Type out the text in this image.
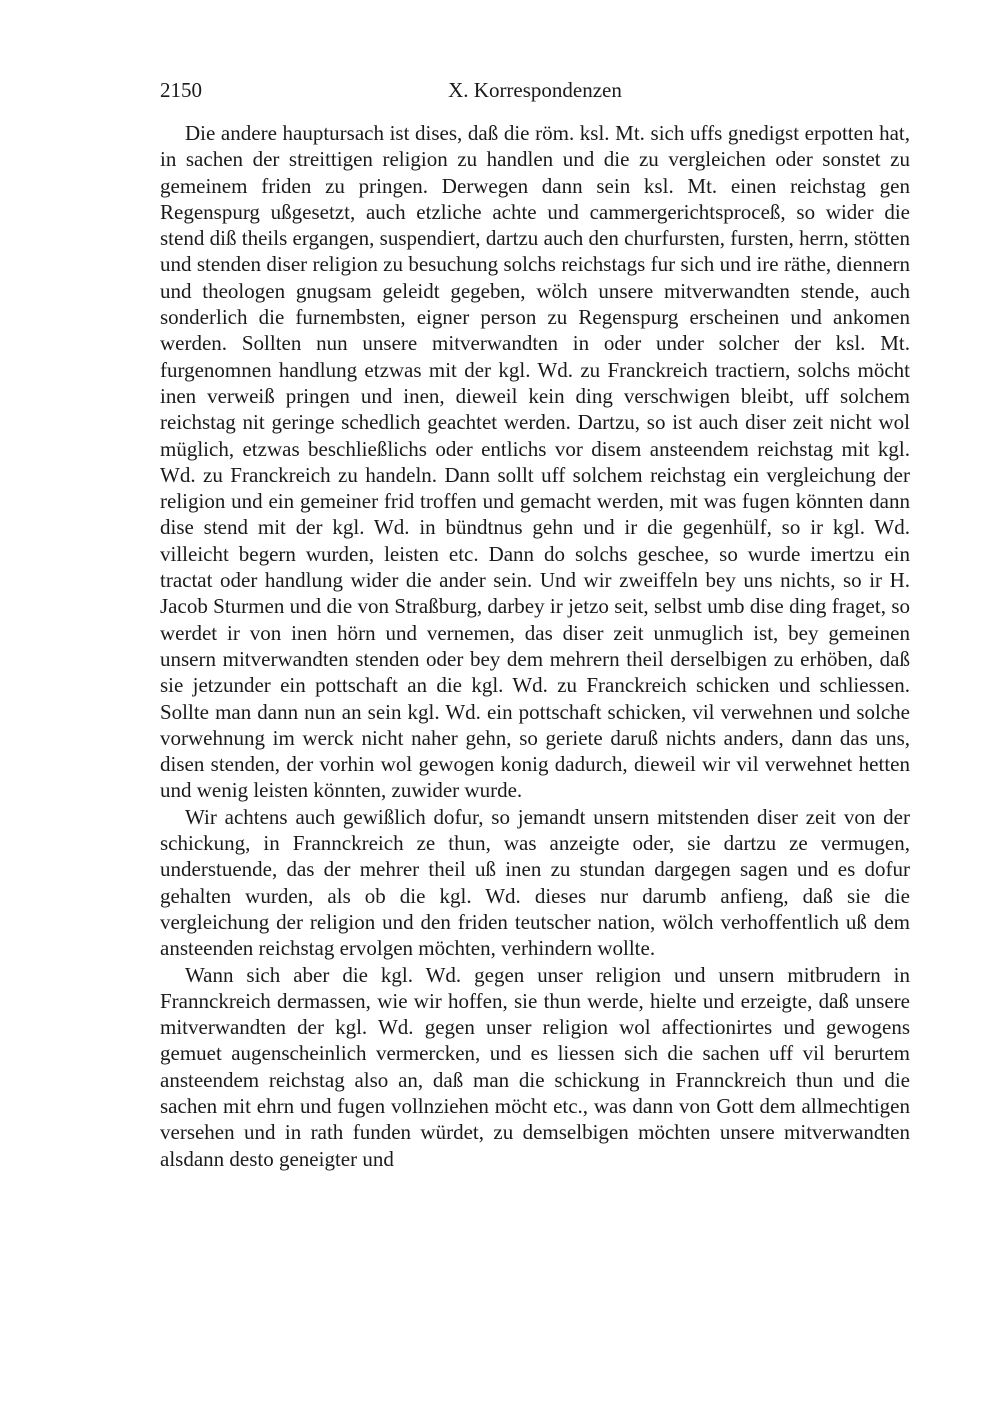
2150	X. Korrespondenzen

Die andere hauptursach ist dises, daß die röm. ksl. Mt. sich uffs gnedigst erpotten hat, in sachen der streittigen religion zu handlen und die zu vergleichen oder sonstet zu gemeinem friden zu pringen. Derwegen dann sein ksl. Mt. einen reichstag gen Regenspurg ußgesetzt, auch etzliche achte und cammergerichtsproceß, so wider die stend diß theils ergangen, suspendiert, dartzu auch den churfursten, fursten, herrn, stötten und stenden diser religion zu besuchung solchs reichstags fur sich und ire räthe, diennern und theologen gnugsam geleidt gegeben, wölch unsere mitverwandten stende, auch sonderlich die furnembsten, eigner person zu Regenspurg erscheinen und ankomen werden. Sollten nun unsere mitverwandten in oder under solcher der ksl. Mt. furgenomnen handlung etzwas mit der kgl. Wd. zu Franckreich tractiern, solchs möcht inen verweiß pringen und inen, dieweil kein ding verschwigen bleibt, uff solchem reichstag nit geringe schedlich geachtet werden. Dartzu, so ist auch diser zeit nicht wol müglich, etzwas beschließlichs oder entlichs vor disem ansteendem reichstag mit kgl. Wd. zu Franckreich zu handeln. Dann sollt uff solchem reichstag ein vergleichung der religion und ein gemeiner frid troffen und gemacht werden, mit was fugen könnten dann dise stend mit der kgl. Wd. in bündtnus gehn und ir die gegenhülf, so ir kgl. Wd. villeicht begern wurden, leisten etc. Dann do solchs geschee, so wurde imertzu ein tractat oder handlung wider die ander sein. Und wir zweiffeln bey uns nichts, so ir H. Jacob Sturmen und die von Straßburg, darbey ir jetzo seit, selbst umb dise ding fraget, so werdet ir von inen hörn und vernemen, das diser zeit unmuglich ist, bey gemeinen unsern mitverwandten stenden oder bey dem mehrern theil derselbigen zu erhöben, daß sie jetzunder ein pottschaft an die kgl. Wd. zu Franckreich schicken und schliessen. Sollte man dann nun an sein kgl. Wd. ein pottschaft schicken, vil verwehnen und solche vorwehnung im werck nicht naher gehn, so geriete daruß nichts anders, dann das uns, disen stenden, der vorhin wol gewogen konig dadurch, dieweil wir vil verwehnet hetten und wenig leisten könnten, zuwider wurde.

Wir achtens auch gewißlich dofur, so jemandt unsern mitstenden diser zeit von der schickung, in Frannckreich ze thun, was anzeigte oder, sie dartzu ze vermugen, understuende, das der mehrer theil uß inen zu stundan dargegen sagen und es dofur gehalten wurden, als ob die kgl. Wd. dieses nur darumb anfieng, daß sie die vergleichung der religion und den friden teutscher nation, wölch verhoffentlich uß dem ansteenden reichstag ervolgen möchten, verhindern wollte.

Wann sich aber die kgl. Wd. gegen unser religion und unsern mitbrudern in Frannckreich dermassen, wie wir hoffen, sie thun werde, hielte und erzeigte, daß unsere mitverwandten der kgl. Wd. gegen unser religion wol affectionirtes und gewogens gemuet augenscheinlich vermercken, und es liessen sich die sachen uff vil berurtem ansteendem reichstag also an, daß man die schickung in Frannckreich thun und die sachen mit ehrn und fugen vollnziehen möcht etc., was dann von Gott dem allmechtigen versehen und in rath funden würdet, zu demselbigen möchten unsere mitverwandten alsdann desto geneigter und
